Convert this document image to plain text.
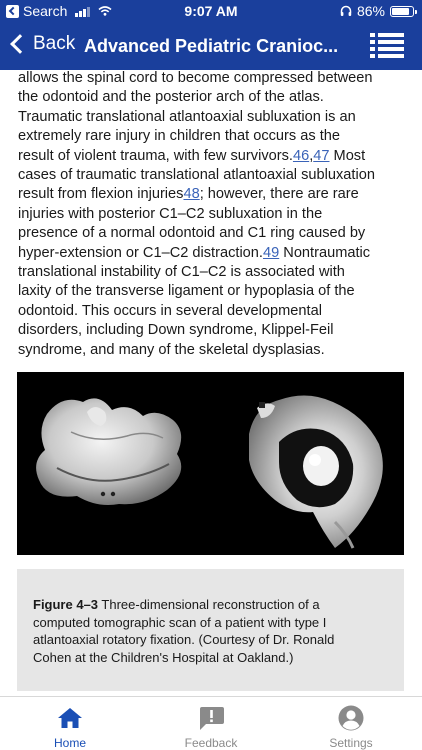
Search	9:07 AM	86%
Back Advanced Pediatric Cranioc...
allows the spinal cord to become compressed between
the odontoid and the posterior arch of the atlas.
Traumatic translational atlantoaxial subluxation is an
extremely rare injury in children that occurs as the
result of violent trauma, with few survivors.46,47 Most
cases of traumatic translational atlantoaxial subluxation
result from flexion injuries48; however, there are rare
injuries with posterior C1–C2 subluxation in the
presence of a normal odontoid and C1 ring caused by
hyper-extension or C1–C2 distraction.49 Nontraumatic
translational instability of C1–C2 is associated with
laxity of the transverse ligament or hypoplasia of the
odontoid. This occurs in several developmental
disorders, including Down syndrome, Klippel-Feil
syndrome, and many of the skeletal dysplasias.
Figure 4–3 Three-dimensional reconstruction of a
computed tomographic scan of a patient with type I
atlantoaxial rotatory fixation. (Courtesy of Dr. Ronald
Cohen at the Children's Hospital at Oakland.)
Home	Feedback	Settings
